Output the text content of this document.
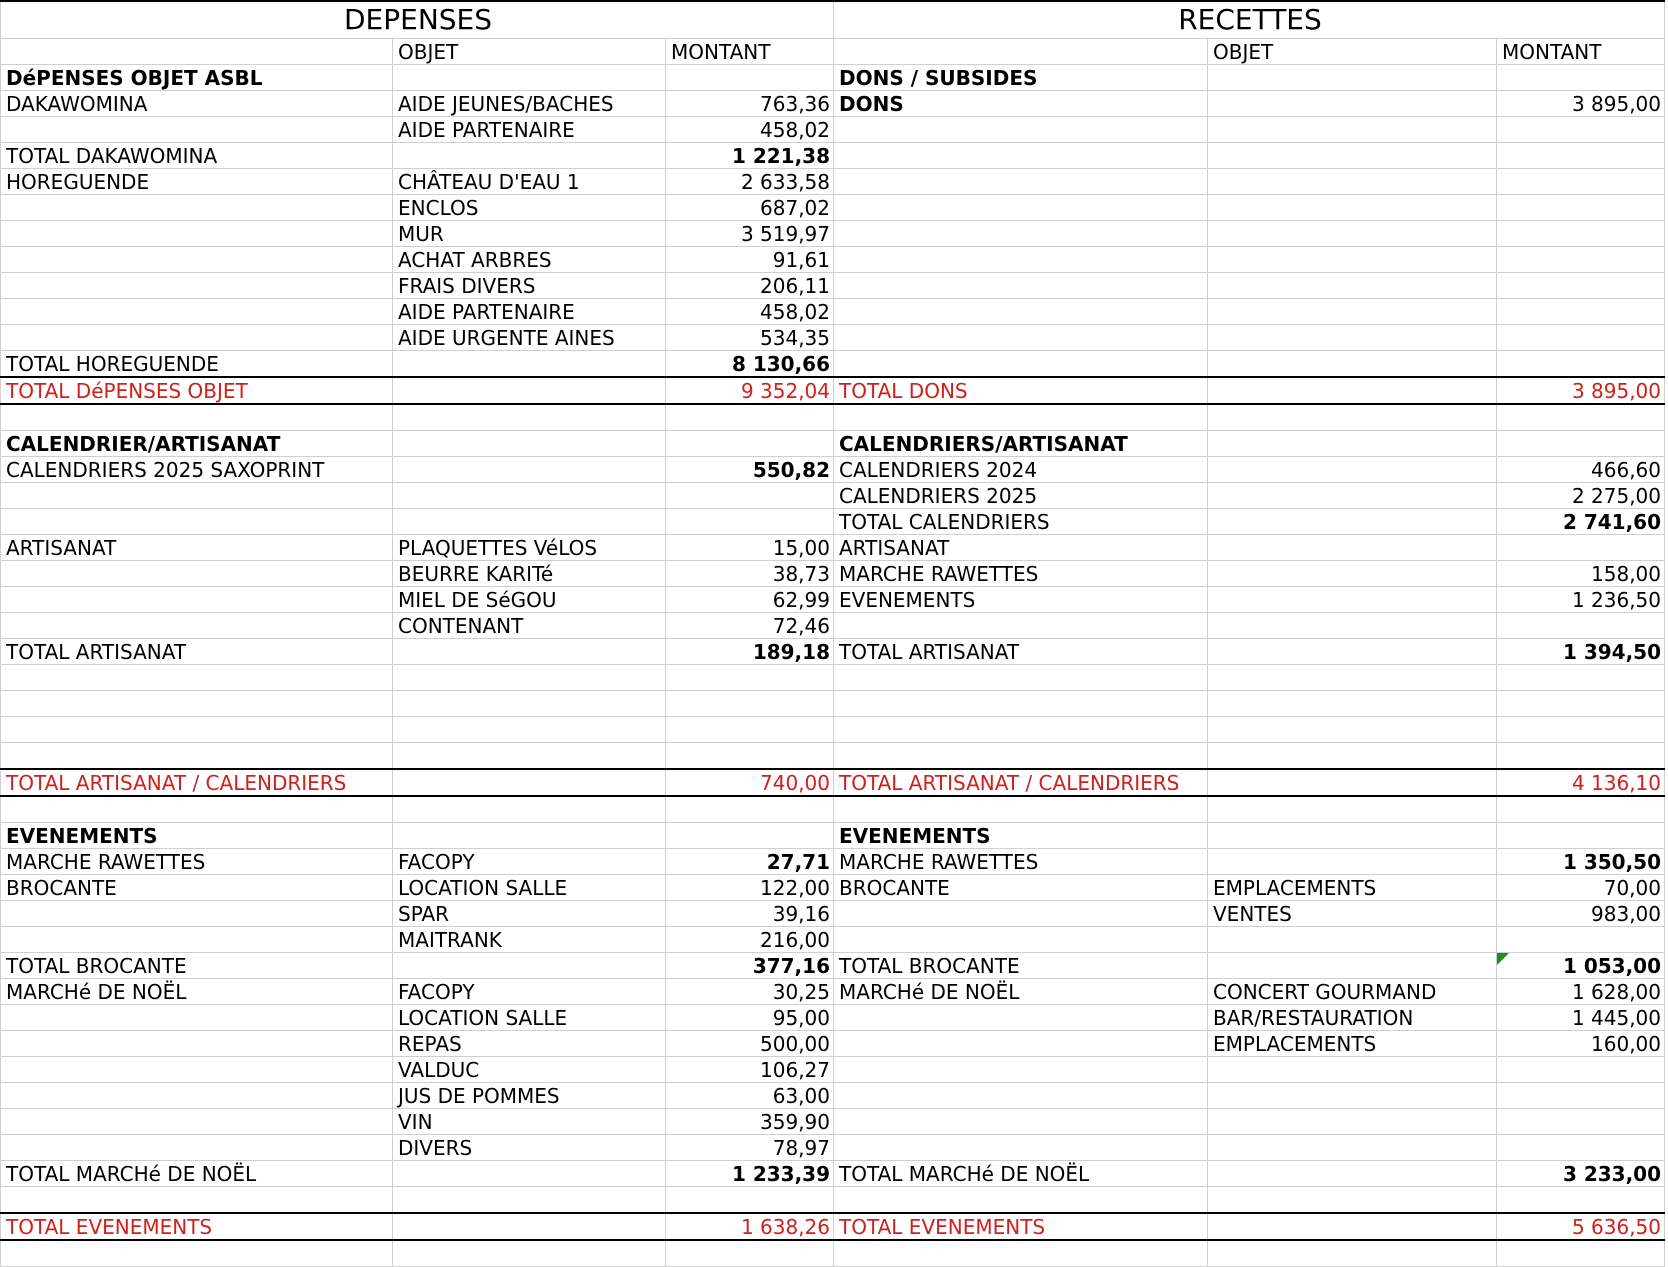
DEPENSES			RECETTES		
	OBJET	MONTANT		OBJET	MONTANT
DéPENSES OBJET ASBL			DONS / SUBSIDES		
DAKAWOMINA	AIDE JEUNES/BACHES	763,36	DONS		3 895,00
	AIDE PARTENAIRE	458,02			
TOTAL DAKAWOMINA		1 221,38			
HOREGUENDE	CHÂTEAU D'EAU 1	2 633,58			
	ENCLOS	687,02			
	MUR	3 519,97			
	ACHAT ARBRES	91,61			
	FRAIS DIVERS	206,11			
	AIDE PARTENAIRE	458,02			
	AIDE URGENTE AINES	534,35			
TOTAL HOREGUENDE		8 130,66			
TOTAL DéPENSES OBJET		9 352,04	TOTAL DONS		3 895,00

CALENDRIER/ARTISANAT			CALENDRIERS/ARTISANAT		
CALENDRIERS 2025 SAXOPRINT		550,82	CALENDRIERS 2024		466,60
			CALENDRIERS 2025		2 275,00
			TOTAL CALENDRIERS		2 741,60
ARTISANAT	PLAQUETTES VéLOS	15,00	ARTISANAT		
	BEURRE KARITé	38,73	MARCHE RAWETTES		158,00
	MIEL DE SéGOU	62,99	EVENEMENTS		1 236,50
	CONTENANT	72,46			
TOTAL ARTISANAT		189,18	TOTAL ARTISANAT		1 394,50

TOTAL ARTISANAT / CALENDRIERS		740,00	TOTAL ARTISANAT / CALENDRIERS		4 136,10

EVENEMENTS			EVENEMENTS		
MARCHE RAWETTES	FACOPY	27,71	MARCHE RAWETTES		1 350,50
BROCANTE	LOCATION SALLE	122,00	BROCANTE	EMPLACEMENTS	70,00
	SPAR	39,16		VENTES	983,00
	MAITRANK	216,00			
TOTAL BROCANTE		377,16	TOTAL BROCANTE		1 053,00
MARCHé DE NOËL	FACOPY	30,25	MARCHé DE NOËL	CONCERT GOURMAND	1 628,00
	LOCATION SALLE	95,00		BAR/RESTAURATION	1 445,00
	REPAS	500,00		EMPLACEMENTS	160,00
	VALDUC	106,27			
	JUS DE POMMES	63,00			
	VIN	359,90			
	DIVERS	78,97			
TOTAL MARCHé DE NOËL		1 233,39	TOTAL MARCHé DE NOËL		3 233,00

TOTAL EVENEMENTS		1 638,26	TOTAL EVENEMENTS		5 636,50
